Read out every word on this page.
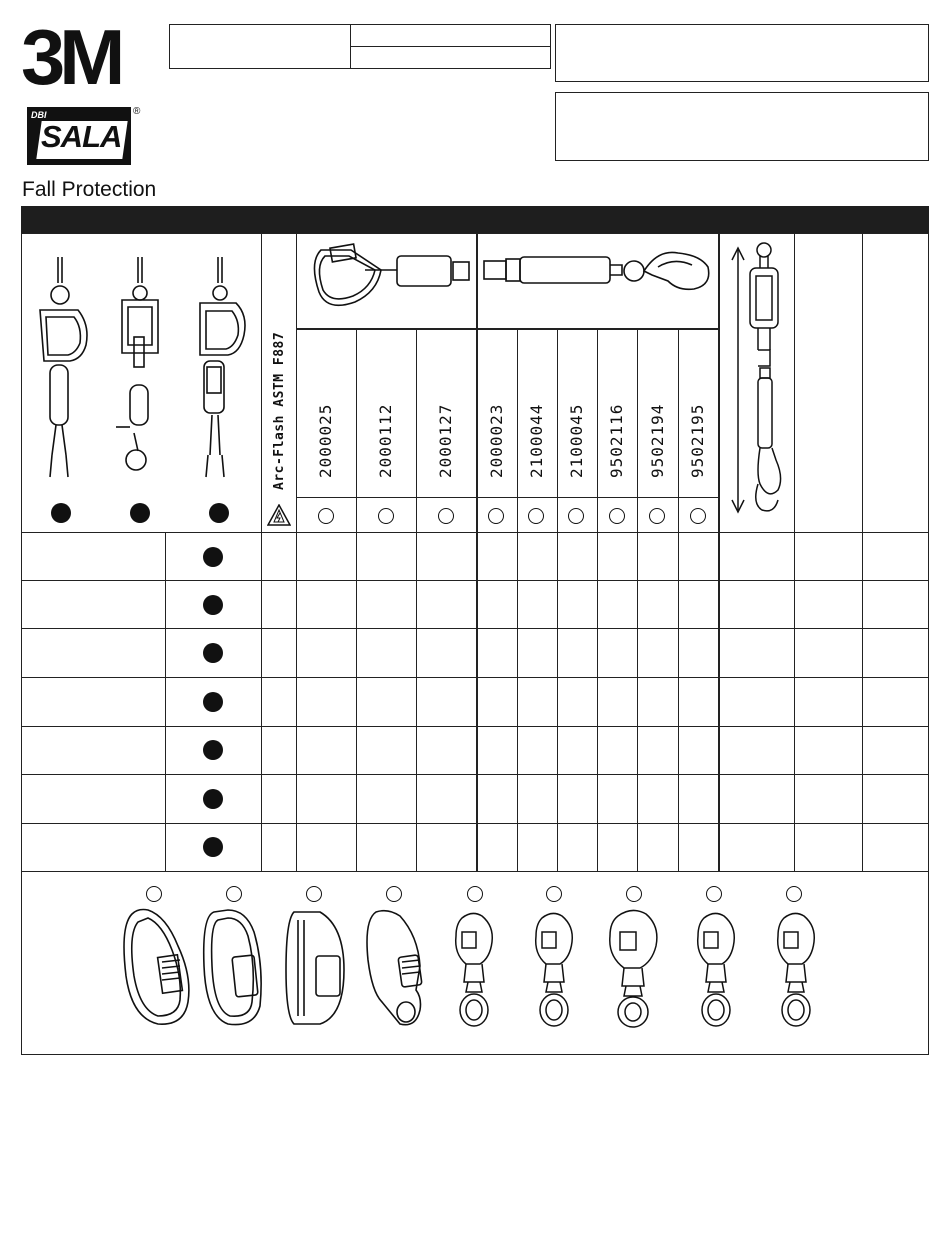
3M
DBI
SALA
®
Fall Protection
Arc-Flash ASTM F887 2000025	2000112	2000127 2000023 2100044 2100045 9502116 9502194 9502195
